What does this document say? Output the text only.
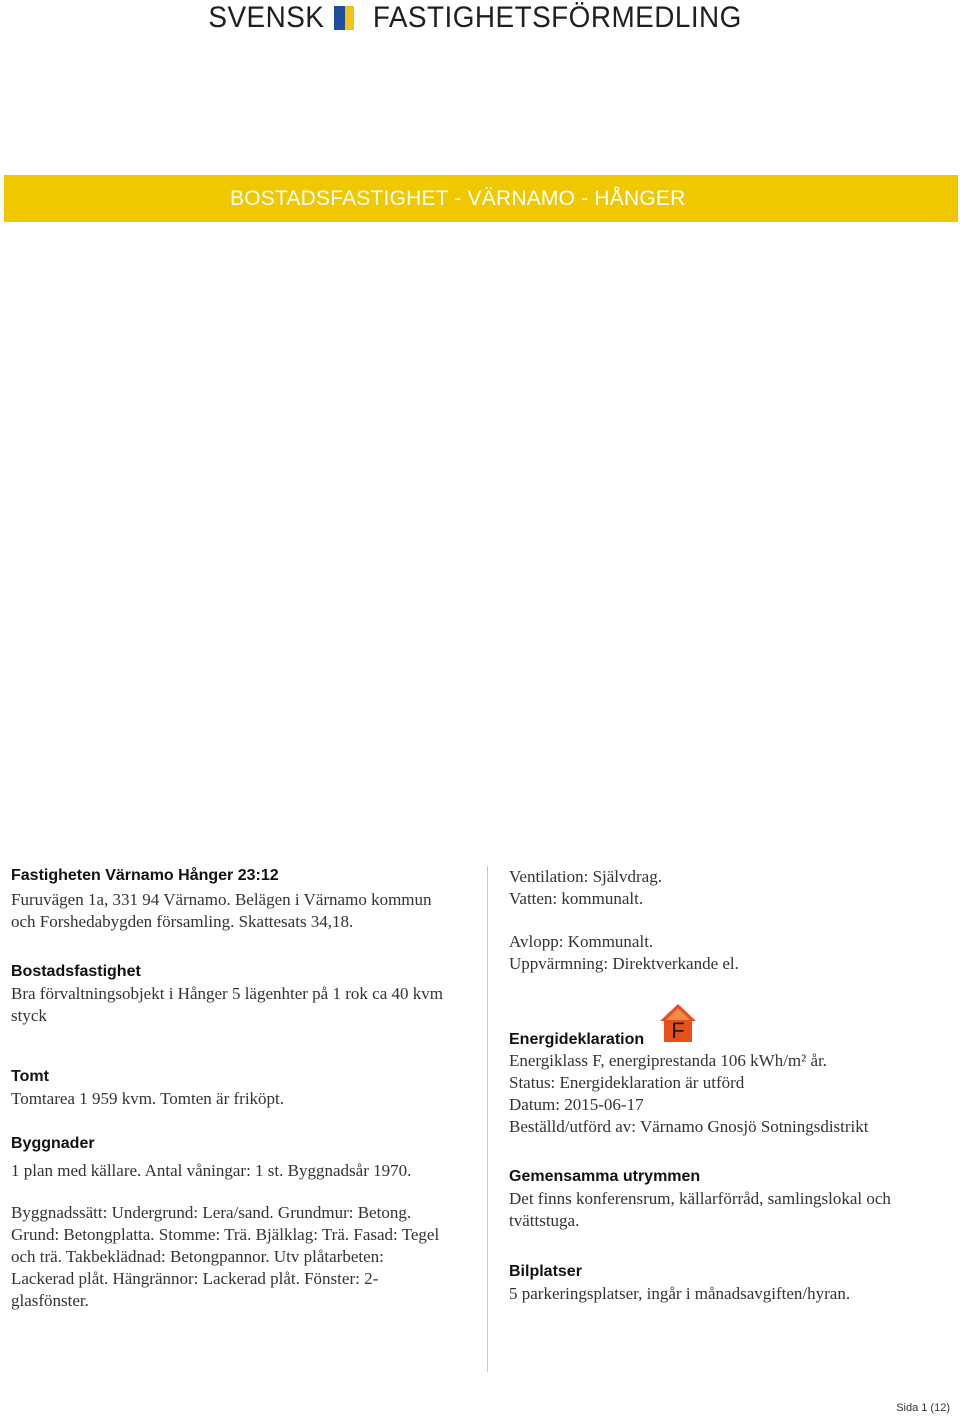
SVENSK FASTIGHETSFÖRMEDLING
BOSTADSFASTIGHET - VÄRNAMO - HÅNGER
Fastigheten Värnamo Hånger 23:12
Furuvägen 1a, 331 94 Värnamo. Belägen i Värnamo kommun och Forshedabygden församling. Skattesats 34,18.
Bostadsfastighet
Bra förvaltningsobjekt i Hånger 5 lägenhter på 1 rok ca 40 kvm styck
Tomt
Tomtarea 1 959 kvm. Tomten är friköpt.
Byggnader
1 plan med källare. Antal våningar: 1 st. Byggnadsår 1970.
Byggnadssätt: Undergrund: Lera/sand. Grundmur: Betong. Grund: Betongplatta. Stomme: Trä. Bjälklag: Trä. Fasad: Tegel och trä. Takbeklädnad: Betongpannor. Utv plåtarbeten: Lackerad plåt. Hängrännor: Lackerad plåt. Fönster: 2-glasfönster.
Ventilation: Självdrag.
Vatten: kommunalt.
Avlopp: Kommunalt.
Uppvärmning: Direktverkande el.
Energideklaration F
Energiklass F, energiprestanda 106 kWh/m² år.
Status: Energideklaration är utförd
Datum: 2015-06-17
Beställd/utförd av: Värnamo Gnosjö Sotningsdistrikt
Gemensamma utrymmen
Det finns konferensrum, källarförråd, samlingslokal och tvättstuga.
Bilplatser
5 parkeringsplatser, ingår i månadsavgiften/hyran.
Sida 1 (12)
